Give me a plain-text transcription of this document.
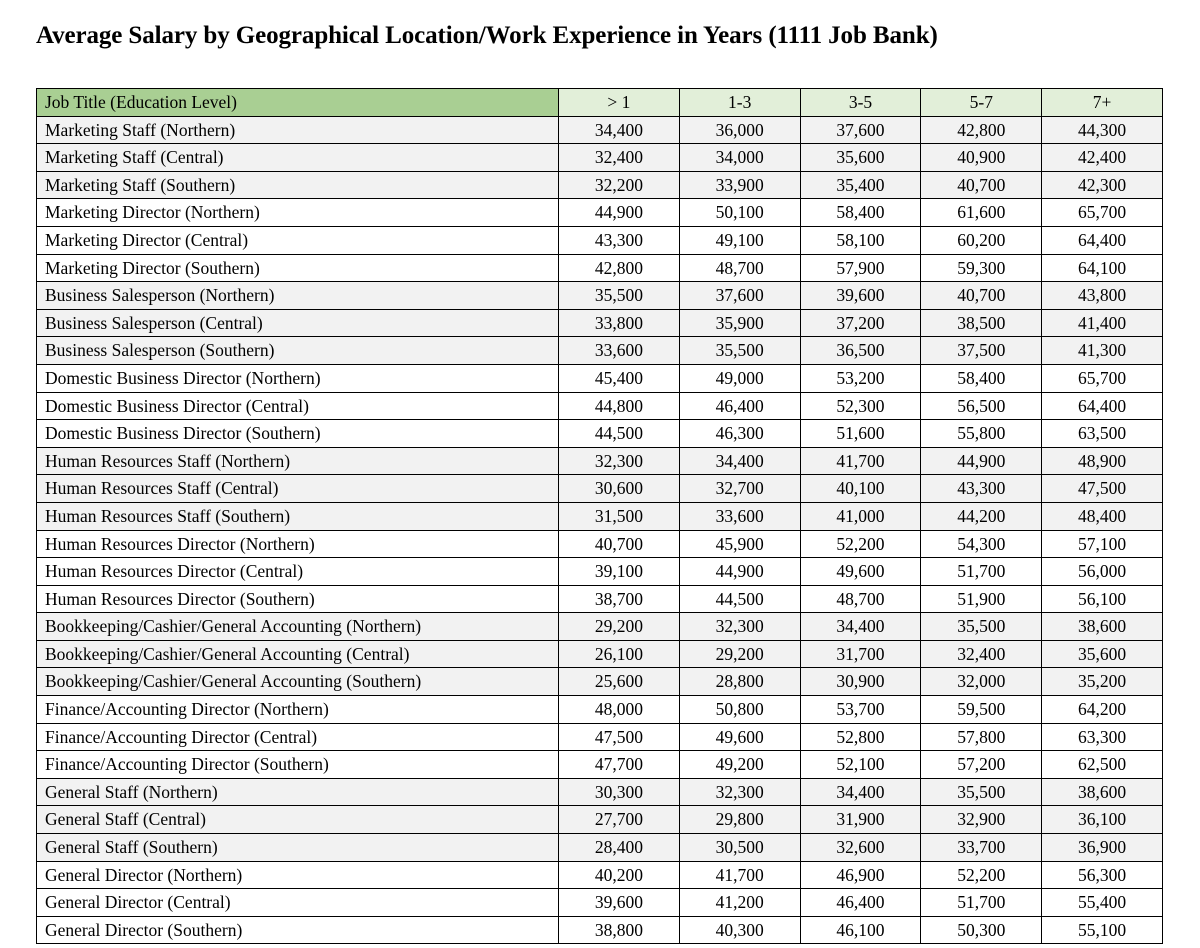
Average Salary by Geographical Location/Work Experience in Years (1111 Job Bank)
Job Title (Education Level)	> 1	1-3	3-5	5-7	7+
Marketing Staff (Northern)	34,400	36,000	37,600	42,800	44,300
Marketing Staff (Central)	32,400	34,000	35,600	40,900	42,400
Marketing Staff (Southern)	32,200	33,900	35,400	40,700	42,300
Marketing Director (Northern)	44,900	50,100	58,400	61,600	65,700
Marketing Director (Central)	43,300	49,100	58,100	60,200	64,400
Marketing Director (Southern)	42,800	48,700	57,900	59,300	64,100
Business Salesperson (Northern)	35,500	37,600	39,600	40,700	43,800
Business Salesperson (Central)	33,800	35,900	37,200	38,500	41,400
Business Salesperson (Southern)	33,600	35,500	36,500	37,500	41,300
Domestic Business Director (Northern)	45,400	49,000	53,200	58,400	65,700
Domestic Business Director (Central)	44,800	46,400	52,300	56,500	64,400
Domestic Business Director (Southern)	44,500	46,300	51,600	55,800	63,500
Human Resources Staff (Northern)	32,300	34,400	41,700	44,900	48,900
Human Resources Staff (Central)	30,600	32,700	40,100	43,300	47,500
Human Resources Staff (Southern)	31,500	33,600	41,000	44,200	48,400
Human Resources Director (Northern)	40,700	45,900	52,200	54,300	57,100
Human Resources Director (Central)	39,100	44,900	49,600	51,700	56,000
Human Resources Director (Southern)	38,700	44,500	48,700	51,900	56,100
Bookkeeping/Cashier/General Accounting (Northern)	29,200	32,300	34,400	35,500	38,600
Bookkeeping/Cashier/General Accounting (Central)	26,100	29,200	31,700	32,400	35,600
Bookkeeping/Cashier/General Accounting (Southern)	25,600	28,800	30,900	32,000	35,200
Finance/Accounting Director (Northern)	48,000	50,800	53,700	59,500	64,200
Finance/Accounting Director (Central)	47,500	49,600	52,800	57,800	63,300
Finance/Accounting Director (Southern)	47,700	49,200	52,100	57,200	62,500
General Staff (Northern)	30,300	32,300	34,400	35,500	38,600
General Staff (Central)	27,700	29,800	31,900	32,900	36,100
General Staff (Southern)	28,400	30,500	32,600	33,700	36,900
General Director (Northern)	40,200	41,700	46,900	52,200	56,300
General Director (Central)	39,600	41,200	46,400	51,700	55,400
General Director (Southern)	38,800	40,300	46,100	50,300	55,100
